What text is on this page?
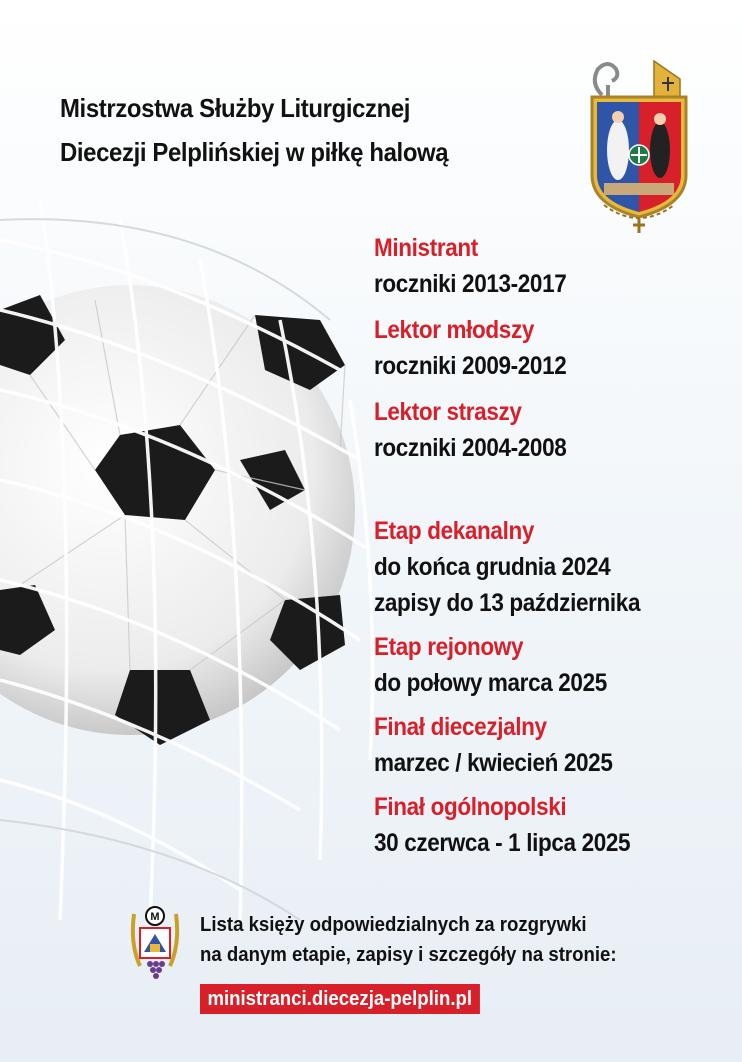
Mistrzostwa Służby Liturgicznej
Diecezji Pelplińskiej w piłkę halową
Ministrant
roczniki 2013-2017
Lektor młodszy
roczniki 2009-2012
Lektor straszy
roczniki 2004-2008
Etap dekanalny
do końca grudnia 2024
zapisy do 13 października
Etap rejonowy
do połowy marca 2025
Finał diecezjalny
marzec / kwiecień 2025
Finał ogólnopolski
30 czerwca - 1 lipca 2025
M Lista księży odpowiedzialnych za rozgrywki
na danym etapie, zapisy i szczegóły na stronie:
ministranci.diecezja-pelplin.pl
